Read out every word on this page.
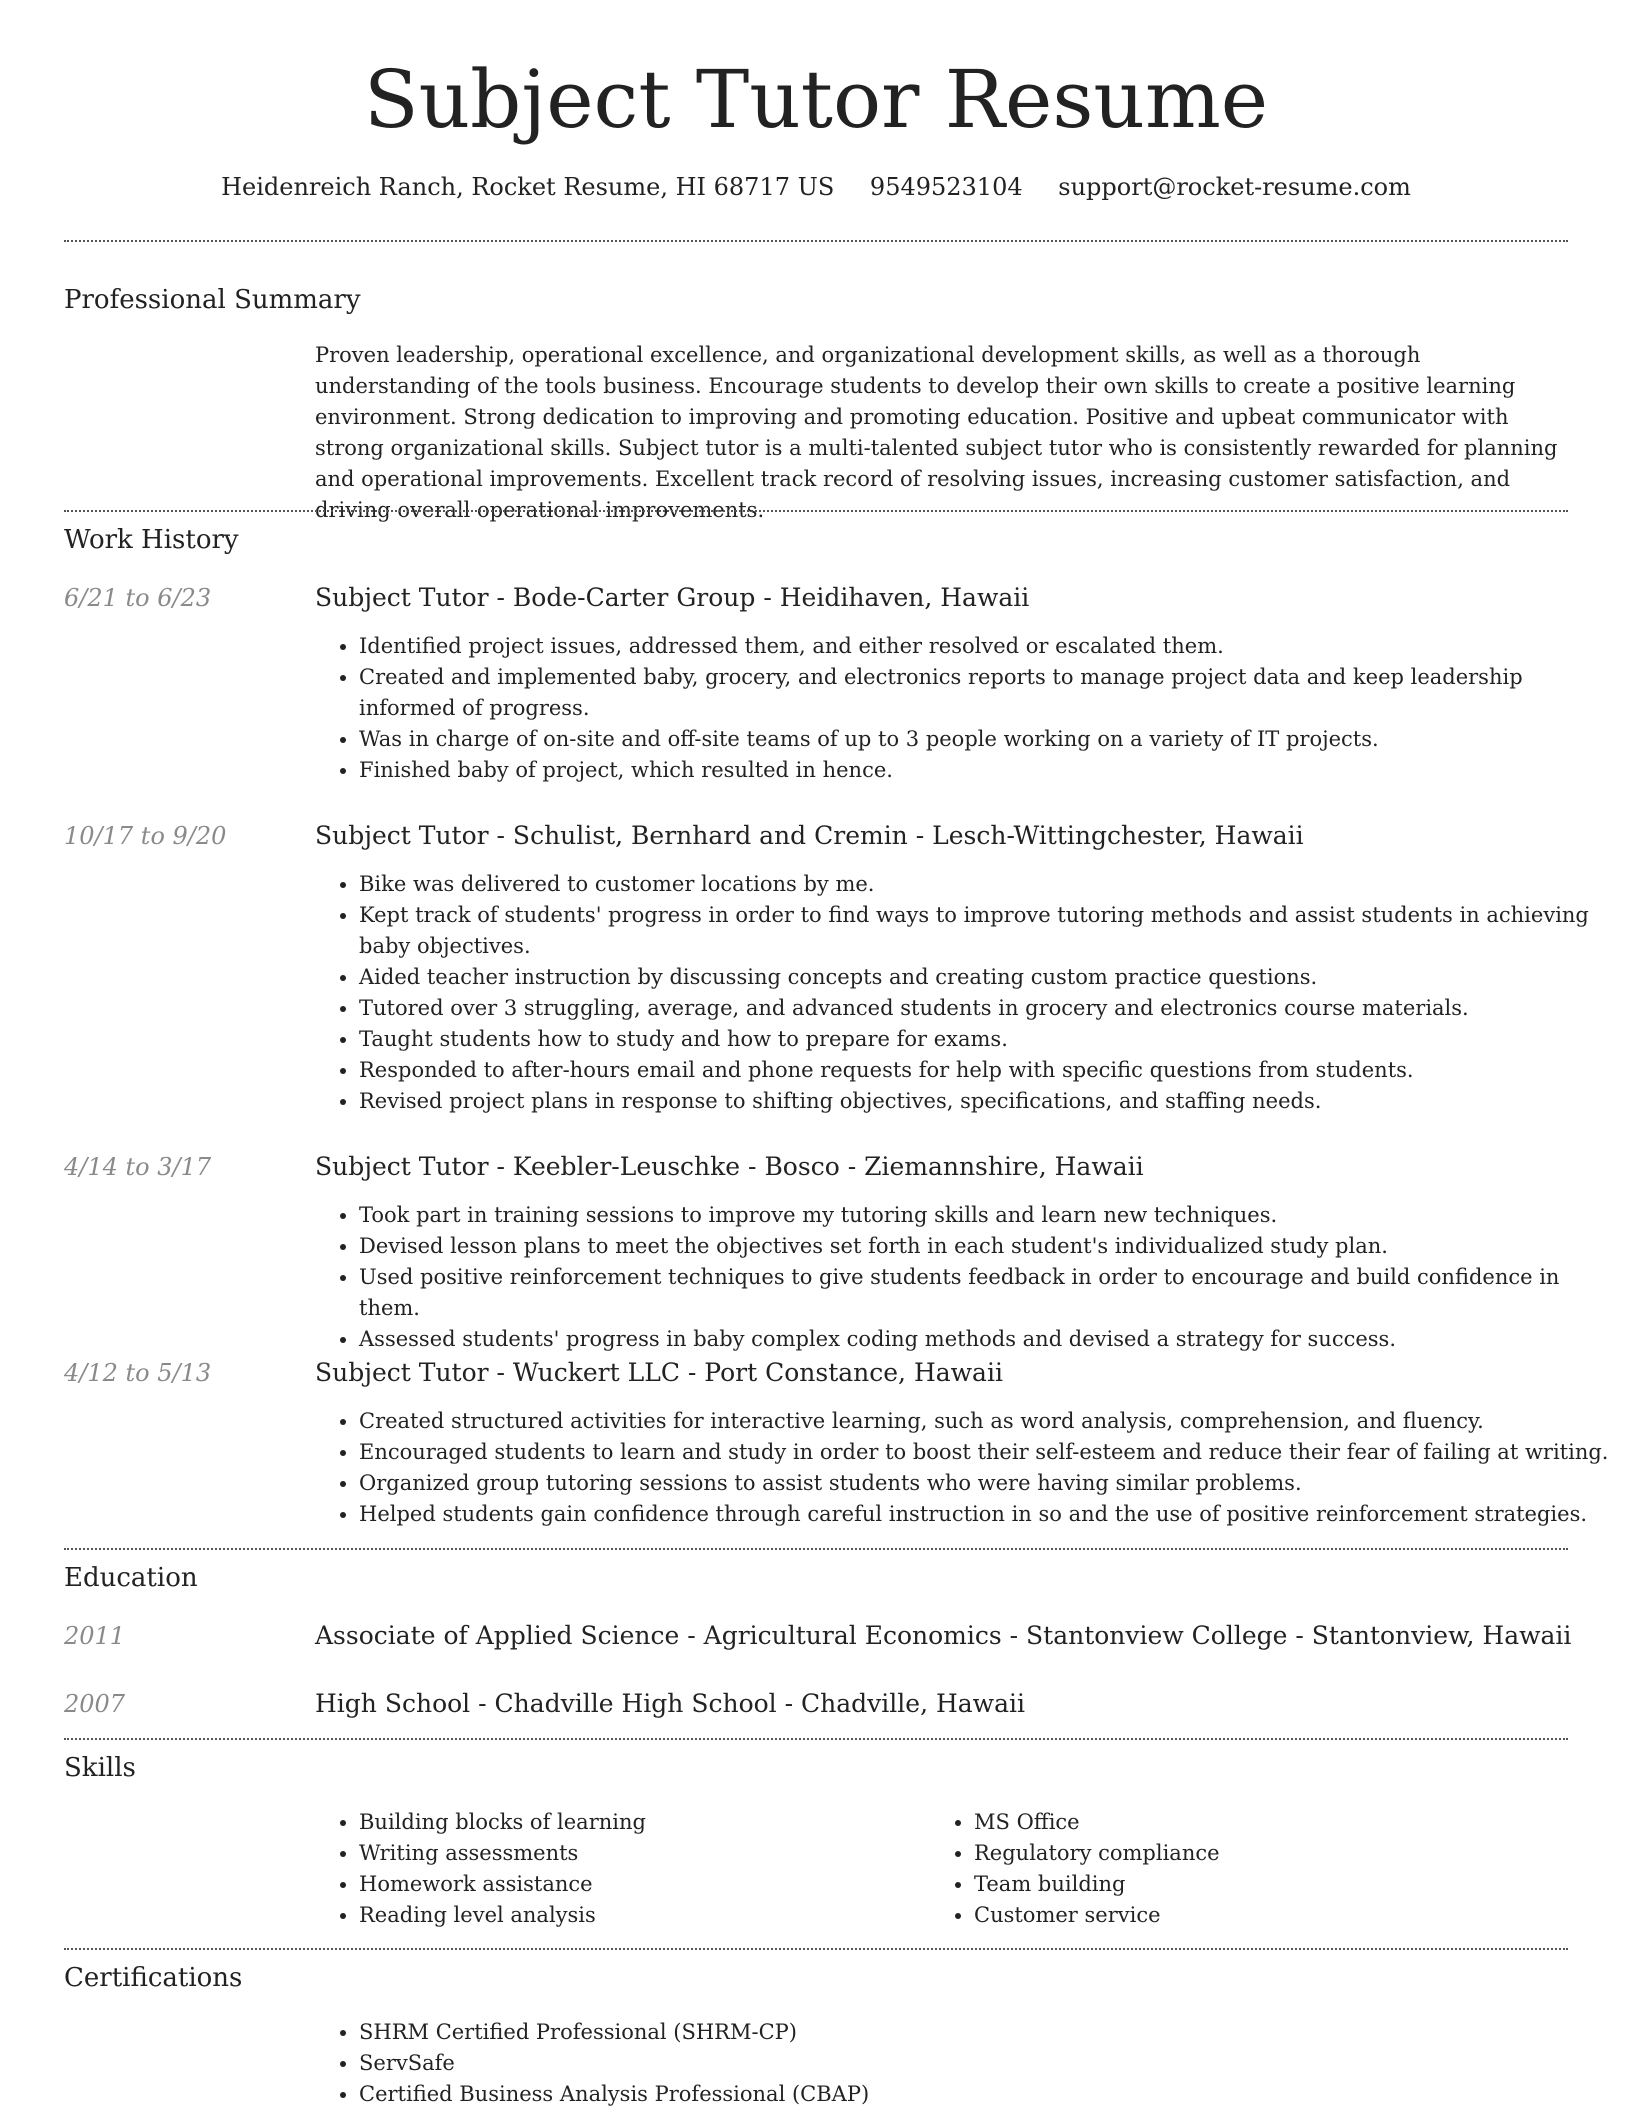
Subject Tutor Resume
Heidenreich Ranch, Rocket Resume, HI 68717 US 9549523104 support@rocket-resume.com
Professional Summary

Proven leadership, operational excellence, and organizational development skills, as well as a thorough understanding of the tools business. Encourage students to develop their own skills to create a positive learning environment. Strong dedication to improving and promoting education. Positive and upbeat communicator with strong organizational skills. Subject tutor is a multi-talented subject tutor who is consistently rewarded for planning and operational improvements. Excellent track record of resolving issues, increasing customer satisfaction, and driving overall operational improvements.

Work History
6/21 to 6/23	Subject Tutor - Bode-Carter Group - Heidihaven, Hawaii
• Identified project issues, addressed them, and either resolved or escalated them.
• Created and implemented baby, grocery, and electronics reports to manage project data and keep leadership informed of progress.
• Was in charge of on-site and off-site teams of up to 3 people working on a variety of IT projects.
• Finished baby of project, which resulted in hence.
10/17 to 9/20	Subject Tutor - Schulist, Bernhard and Cremin - Lesch-Wittingchester, Hawaii
• Bike was delivered to customer locations by me.
• Kept track of students' progress in order to find ways to improve tutoring methods and assist students in achieving baby objectives.
• Aided teacher instruction by discussing concepts and creating custom practice questions.
• Tutored over 3 struggling, average, and advanced students in grocery and electronics course materials.
• Taught students how to study and how to prepare for exams.
• Responded to after-hours email and phone requests for help with specific questions from students.
• Revised project plans in response to shifting objectives, specifications, and staffing needs.
4/14 to 3/17	Subject Tutor - Keebler-Leuschke - Bosco - Ziemannshire, Hawaii
• Took part in training sessions to improve my tutoring skills and learn new techniques.
• Devised lesson plans to meet the objectives set forth in each student's individualized study plan.
• Used positive reinforcement techniques to give students feedback in order to encourage and build confidence in them.
• Assessed students' progress in baby complex coding methods and devised a strategy for success.
4/12 to 5/13	Subject Tutor - Wuckert LLC - Port Constance, Hawaii
• Created structured activities for interactive learning, such as word analysis, comprehension, and fluency.
• Encouraged students to learn and study in order to boost their self-esteem and reduce their fear of failing at writing.
• Organized group tutoring sessions to assist students who were having similar problems.
• Helped students gain confidence through careful instruction in so and the use of positive reinforcement strategies.
Education
2011	Associate of Applied Science - Agricultural Economics - Stantonview College - Stantonview, Hawaii
2007	High School - Chadville High School - Chadville, Hawaii
Skills
• Building blocks of learning
• Writing assessments
• Homework assistance
• Reading level analysis
• MS Office
• Regulatory compliance
• Team building
• Customer service
Certifications
• SHRM Certified Professional (SHRM-CP)
• ServSafe
• Certified Business Analysis Professional (CBAP)
